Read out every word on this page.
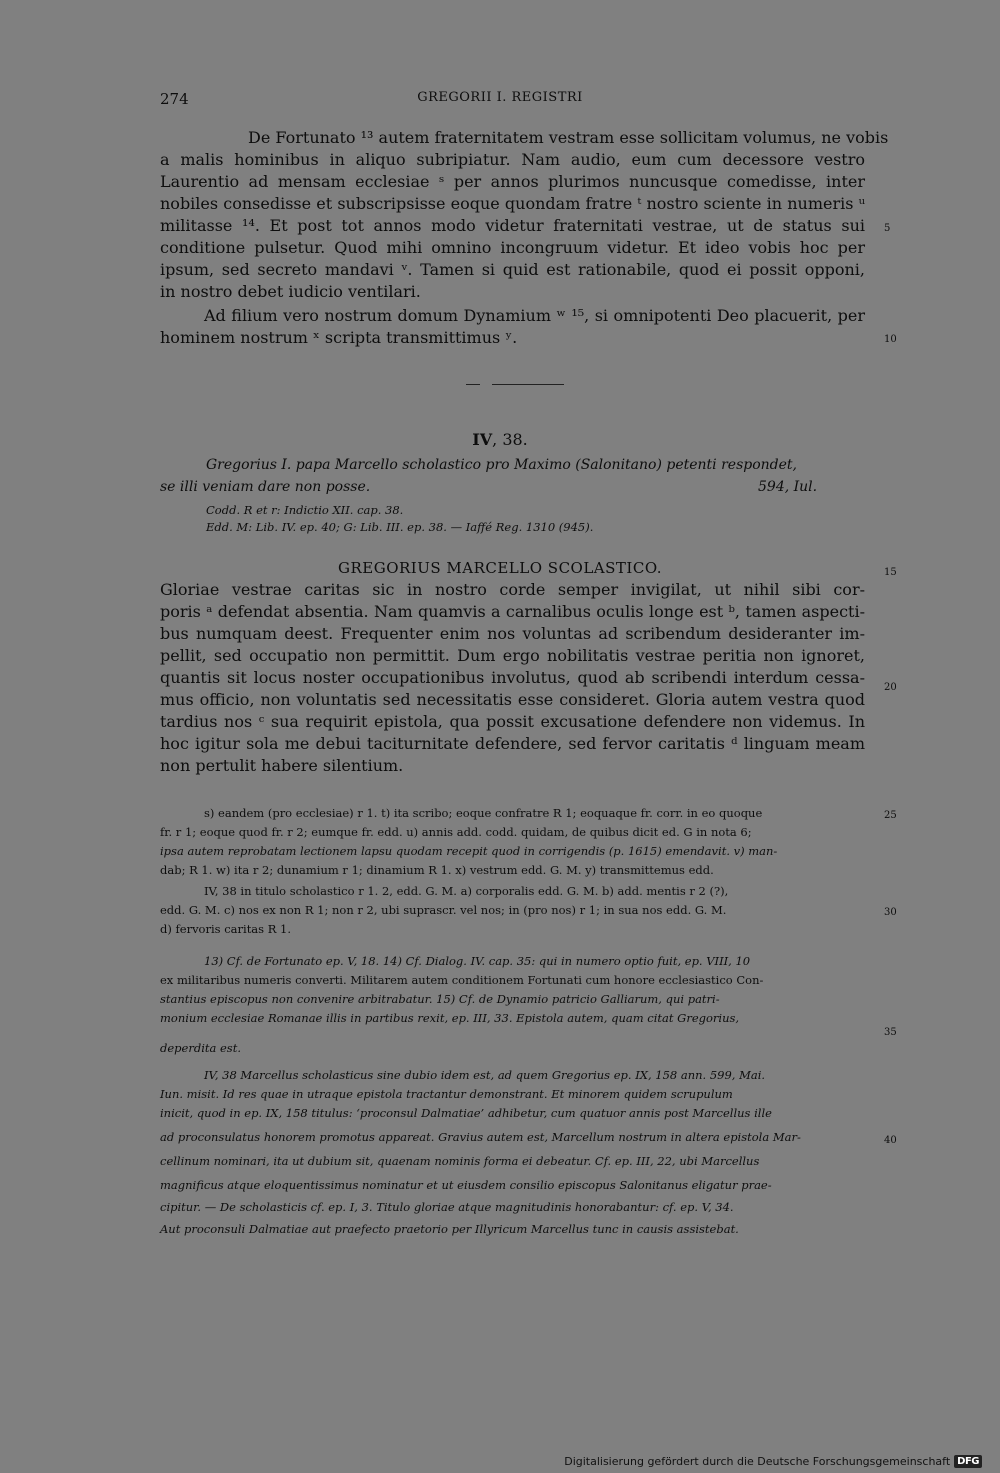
274	GREGORII I. REGISTRI
De Fortunato ¹³ autem fraternitatem vestram esse sollicitam volumus, ne vobis
a malis hominibus in aliquo subripiatur. Nam audio, eum cum decessore vestro
Laurentio ad mensam ecclesiae ˢ per annos plurimos nuncusque comedisse, inter
nobiles consedisse et subscripsisse eoque quondam fratre ᵗ nostro sciente in numeris ᵘ
militasse ¹⁴. Et post tot annos modo videtur fraternitati vestrae, ut de status sui
conditione pulsetur. Quod mihi omnino incongruum videtur. Et ideo vobis hoc per
ipsum, sed secreto mandavi ᵛ. Tamen si quid est rationabile, quod ei possit opponi,
in nostro debet iudicio ventilari.
Ad filium vero nostrum domum Dynamium ʷ ¹⁵, si omnipotenti Deo placuerit, per
hominem nostrum ˣ scripta transmittimus ʸ.
5
10
IV, 38.
Gregorius I. papa Marcello scholastico pro Maximo (Salonitano) petenti respondet,
se illi veniam dare non posse.	594, Iul.
Codd. R et r: Indictio XII. cap. 38.
Edd. M: Lib. IV. ep. 40; G: Lib. III. ep. 38. — Iaffé Reg. 1310 (945).
GREGORIUS MARCELLO SCOLASTICO.	15
Gloriae vestrae caritas sic in nostro corde semper invigilat, ut nihil sibi cor-
poris ᵃ defendat absentia. Nam quamvis a carnalibus oculis longe est ᵇ, tamen aspecti-
bus numquam deest. Frequenter enim nos voluntas ad scribendum desideranter im-
pellit, sed occupatio non permittit. Dum ergo nobilitatis vestrae peritia non ignoret,
quantis sit locus noster occupationibus involutus, quod ab scribendi interdum cessa-
mus officio, non voluntatis sed necessitatis esse consideret. Gloria autem vestra quod
tardius nos ᶜ sua requirit epistola, qua possit excusatione defendere non videmus. In
hoc igitur sola me debui taciturnitate defendere, sed fervor caritatis ᵈ linguam meam
non pertulit habere silentium.
20
s) eandem (pro ecclesiae) r 1. t) ita scribo; eoque confratre R 1; eoquaque fr. corr. in eo quoque
fr. r 1; eoque quod fr. r 2; eumque fr. edd. u) annis add. codd. quidam, de quibus dicit ed. G in nota 6;
ipsa autem reprobatam lectionem lapsu quodam recepit quod in corrigendis (p. 1615) emendavit. v) man-
dab; R 1. w) ita r 2; dunamium r 1; dinamium R 1. x) vestrum edd. G. M. y) transmittemus edd.
IV, 38 in titulo scholastico r 1. 2, edd. G. M. a) corporalis edd. G. M. b) add. mentis r 2 (?),
edd. G. M. c) nos ex non R 1; non r 2, ubi suprascr. vel nos; in (pro nos) r 1; in sua nos edd. G. M.
d) fervoris caritas R 1.
25
30
13) Cf. de Fortunato ep. V, 18. 14) Cf. Dialog. IV. cap. 35: qui in numero optio fuit, ep. VIII, 10
ex militaribus numeris converti. Militarem autem conditionem Fortunati cum honore ecclesiastico Con-
stantius episcopus non convenire arbitrabatur. 15) Cf. de Dynamio patricio Galliarum, qui patri-
monium ecclesiae Romanae illis in partibus rexit, ep. III, 33. Epistola autem, quam citat Gregorius,
deperdita est.
IV, 38 Marcellus scholasticus sine dubio idem est, ad quem Gregorius ep. IX, 158 ann. 599, Mai.
Iun. misit. Id res quae in utraque epistola tractantur demonstrant. Et minorem quidem scrupulum
inicit, quod in ep. IX, 158 titulus: ‘proconsul Dalmatiae’ adhibetur, cum quatuor annis post Marcellus ille
ad proconsulatus honorem promotus appareat. Gravius autem est, Marcellum nostrum in altera epistola Mar-
cellinum nominari, ita ut dubium sit, quaenam nominis forma ei debeatur. Cf. ep. III, 22, ubi Marcellus
magnificus atque eloquentissimus nominatur et ut eiusdem consilio episcopus Salonitanus eligatur prae-
cipitur. — De scholasticis cf. ep. I, 3. Titulo gloriae atque magnitudinis honorabantur: cf. ep. V, 34.
Aut proconsuli Dalmatiae aut praefecto praetorio per Illyricum Marcellus tunc in causis assistebat.
35
40
Digitalisierung gefördert durch die Deutsche Forschungsgemeinschaft DFG
